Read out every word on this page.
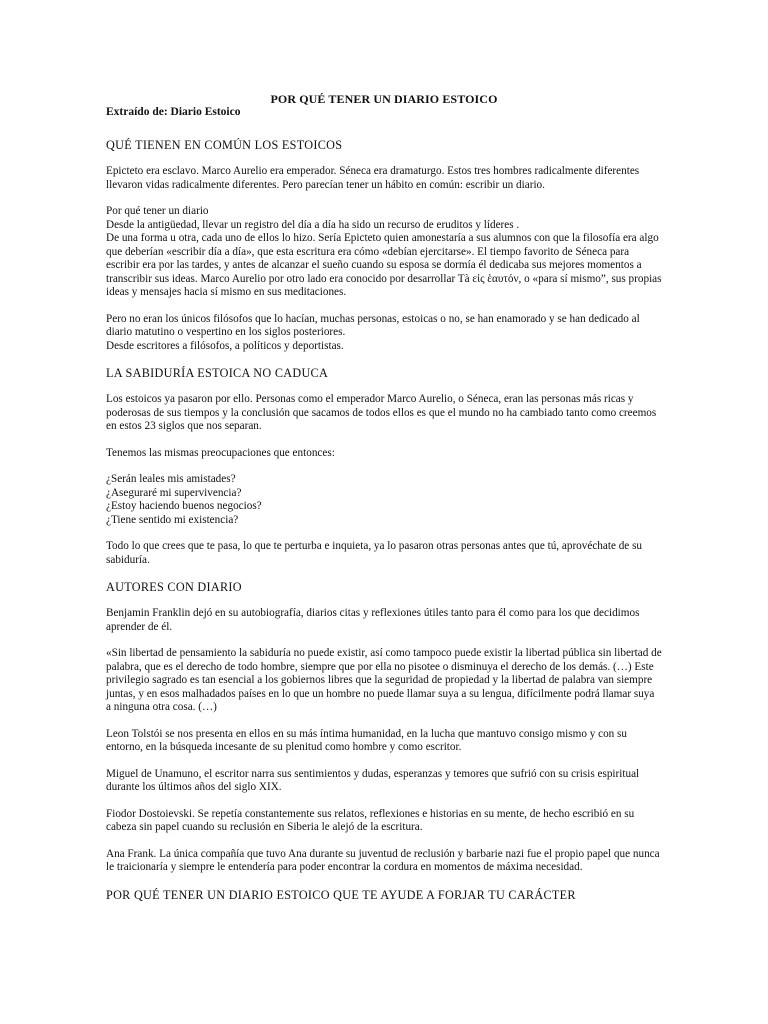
POR QUÉ TENER UN DIARIO ESTOICO
Extraído de: Diario Estoico
QUÉ TIENEN EN COMÚN LOS ESTOICOS

Epicteto era esclavo. Marco Aurelio era emperador. Séneca era dramaturgo. Estos tres hombres radicalmente diferentes llevaron vidas radicalmente diferentes. Pero parecían tener un hábito en común: escribir un diario.

Por qué tener un diario
Desde la antigüedad, llevar un registro del día a día ha sido un recurso de eruditos y líderes .
De una forma u otra, cada uno de ellos lo hizo. Sería Epicteto quien amonestaría a sus alumnos con que la filosofía era algo que deberían «escribir día a día», que esta escritura era cómo «debían ejercitarse». El tiempo favorito de Séneca para escribir era por las tardes, y antes de alcanzar el sueño cuando su esposa se dormía él dedicaba sus mejores momentos a transcribir sus ideas. Marco Aurelio por otro lado era conocido por desarrollar Tà εἰς ἑαυτόν, o «para sí mismo”, sus propias ideas y mensajes hacia sí mismo en sus meditaciones.

Pero no eran los únicos filósofos que lo hacían, muchas personas, estoicas o no, se han enamorado y se han dedicado al diario matutino o vespertino en los siglos posteriores.
Desde escritores a filósofos, a políticos y deportistas.

LA SABIDURÍA ESTOICA NO CADUCA

Los estoicos ya pasaron por ello. Personas como el emperador Marco Aurelio, o Séneca, eran las personas más ricas y poderosas de sus tiempos y la conclusión que sacamos de todos ellos es que el mundo no ha cambiado tanto como creemos en estos 23 siglos que nos separan.

Tenemos las mismas preocupaciones que entonces:

¿Serán leales mis amistades?
¿Aseguraré mi supervivencia?
¿Estoy haciendo buenos negocios?
¿Tiene sentido mi existencia?

Todo lo que crees que te pasa, lo que te perturba e inquieta, ya lo pasaron otras personas antes que tú, aprovéchate de su sabiduría.

AUTORES CON DIARIO

Benjamin Franklin dejó en su autobiografía, diarios citas y reflexiones útiles tanto para él como para los que decidimos aprender de él.

«Sin libertad de pensamiento la sabiduría no puede existir, así como tampoco puede existir la libertad pública sin libertad de palabra, que es el derecho de todo hombre, siempre que por ella no pisotee o disminuya el derecho de los demás. (…) Este privilegio sagrado es tan esencial a los gobiernos libres que la seguridad de propiedad y la libertad de palabra van siempre juntas, y en esos malhadados países en lo que un hombre no puede llamar suya a su lengua, difícilmente podrá llamar suya a ninguna otra cosa. (…)

Leon Tolstói se nos presenta en ellos en su más íntima humanidad, en la lucha que mantuvo consigo mismo y con su entorno, en la búsqueda incesante de su plenitud como hombre y como escritor.

Miguel de Unamuno, el escritor narra sus sentimientos y dudas, esperanzas y temores que sufrió con su crisis espiritual durante los últimos años del siglo XIX.

Fiodor Dostoievski. Se repetía constantemente sus relatos, reflexiones e historias en su mente, de hecho escribió en su cabeza sin papel cuando su reclusión en Siberia le alejó de la escritura.

Ana Frank. La única compañía que tuvo Ana durante su juventud de reclusión y barbarie nazi fue el propio papel que nunca le traicionaría y siempre le entendería para poder encontrar la cordura en momentos de máxima necesidad.

POR QUÉ TENER UN DIARIO ESTOICO QUE TE AYUDE A FORJAR TU CARÁCTER
